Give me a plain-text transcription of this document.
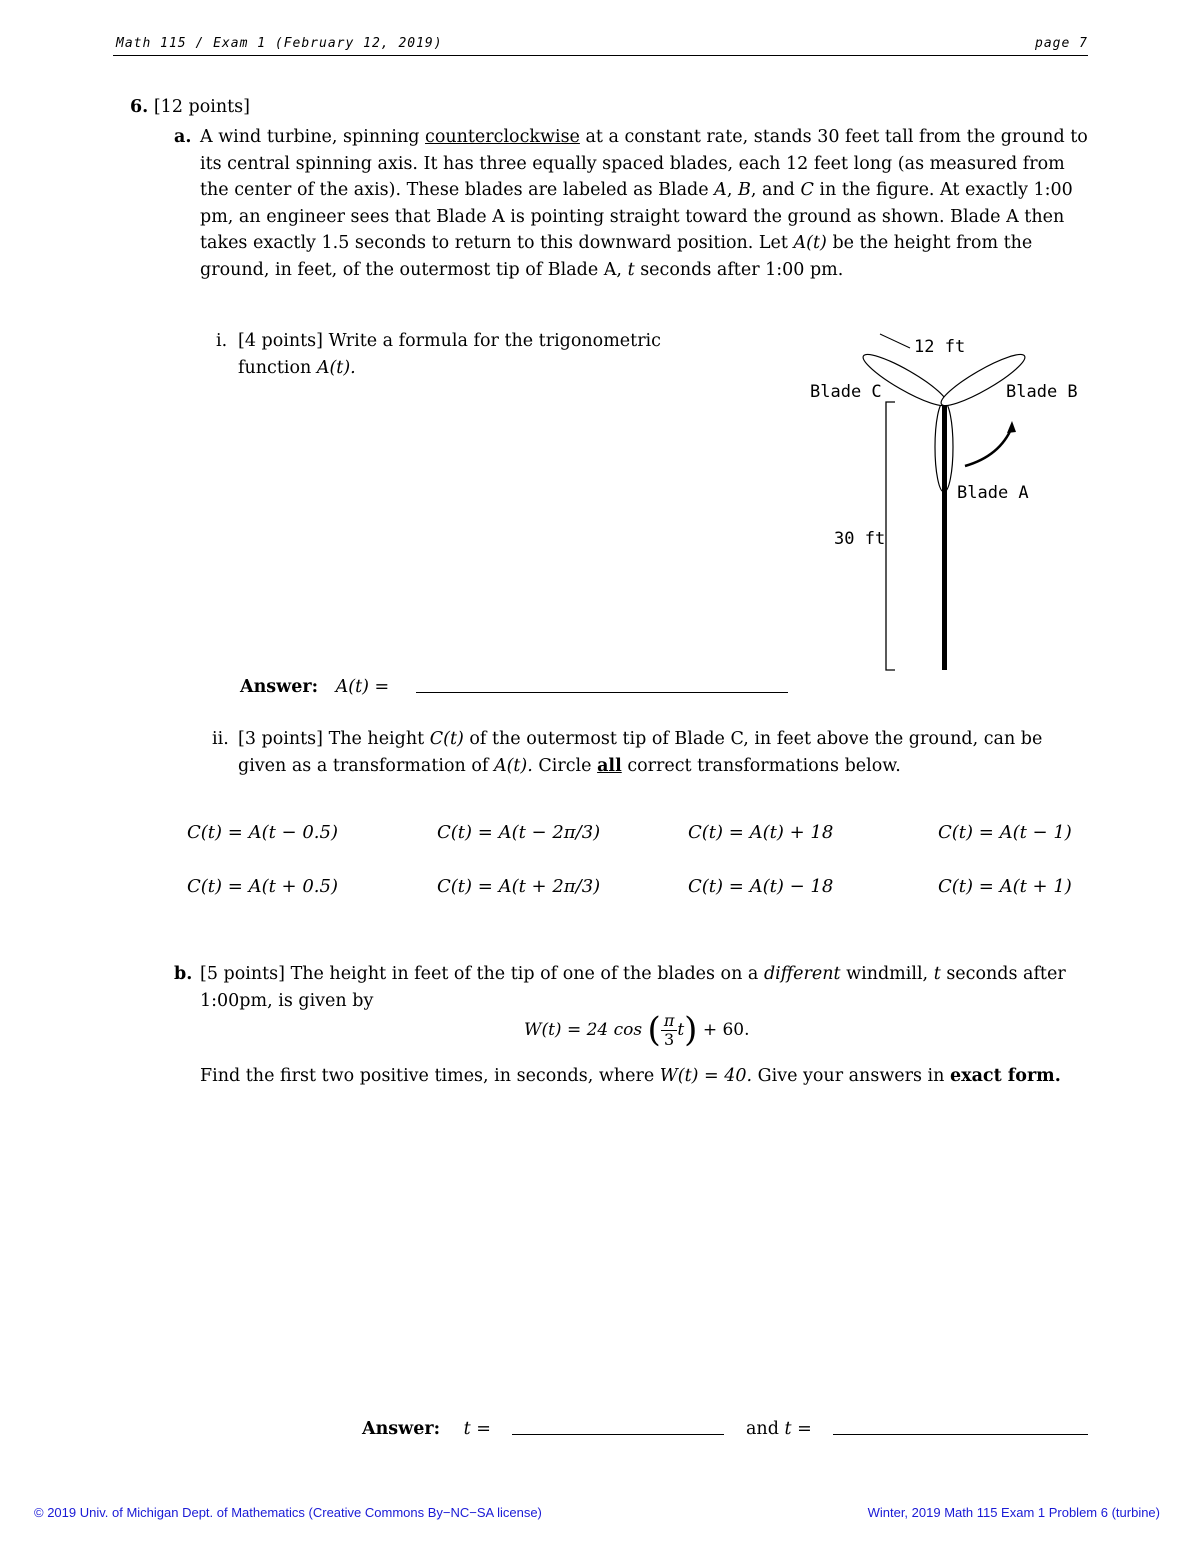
Math 115 / Exam 1 (February 12, 2019)	page 7
6. [12 points]
a. A wind turbine, spinning counterclockwise at a constant rate, stands 30 feet tall from the ground to its central spinning axis. It has three equally spaced blades, each 12 feet long (as measured from the center of the axis). These blades are labeled as Blade A, B, and C in the figure. At exactly 1:00 pm, an engineer sees that Blade A is pointing straight toward the ground as shown. Blade A then takes exactly 1.5 seconds to return to this downward position. Let A(t) be the height from the ground, in feet, of the outermost tip of Blade A, t seconds after 1:00 pm.
i. [4 points] Write a formula for the trigonometric function A(t).
12 ft
Blade C	Blade B
Blade A
30 ft
Answer: A(t) =
ii. [3 points] The height C(t) of the outermost tip of Blade C, in feet above the ground, can be given as a transformation of A(t). Circle all correct transformations below.
C(t) = A(t − 0.5)	C(t) = A(t − 2π/3)	C(t) = A(t) + 18	C(t) = A(t − 1)
C(t) = A(t + 0.5)	C(t) = A(t + 2π/3)	C(t) = A(t) − 18	C(t) = A(t + 1)
b. [5 points] The height in feet of the tip of one of the blades on a different windmill, t seconds after 1:00pm, is given by
W(t) = 24 cos ( $\frac{\pi}{3} t) + 60$.
Find the first two positive times, in seconds, where W(t) = 40. Give your answers in exact form.
Answer: t =	and t =
© 2019 Univ. of Michigan Dept. of Mathematics (Creative Commons By−NC−SA license)	Winter, 2019 Math 115 Exam 1 Problem 6 (turbine)
